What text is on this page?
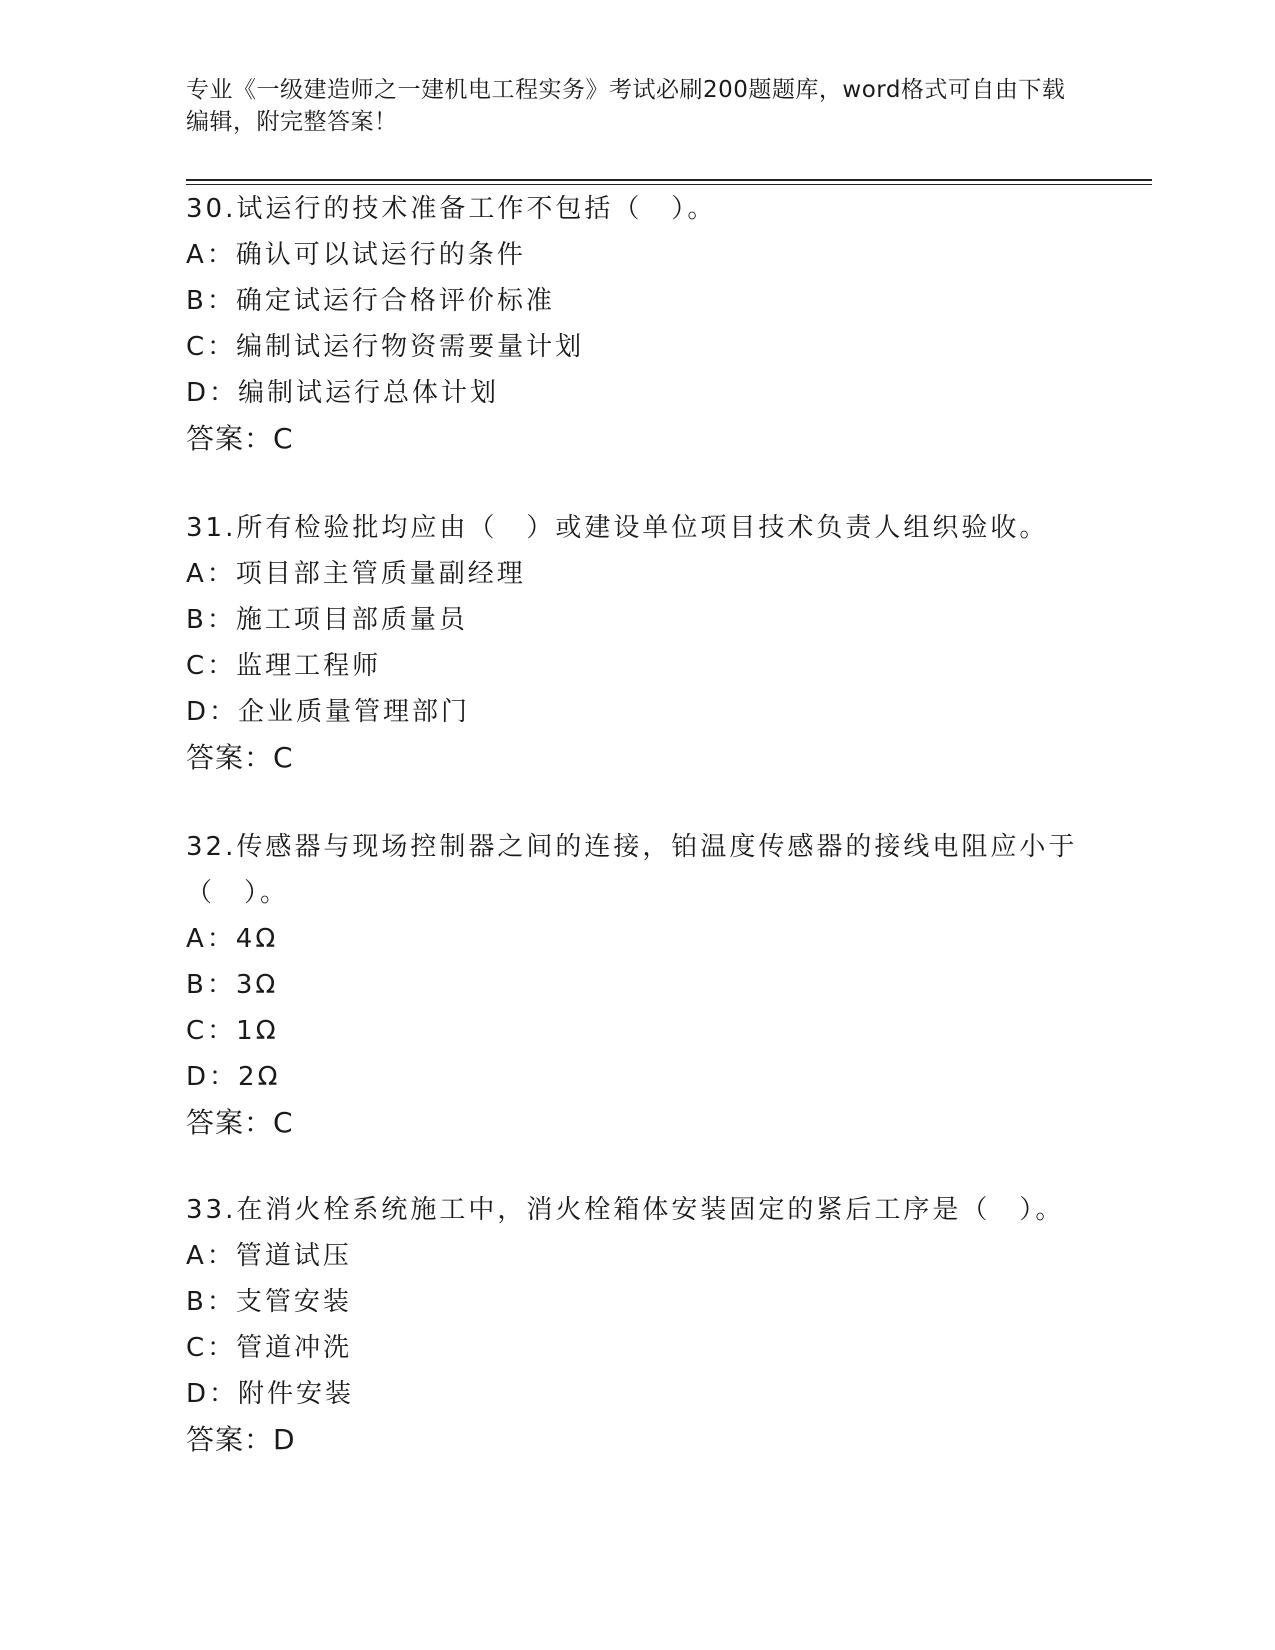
专业《一级建造师之一建机电工程实务》考试必刷200题题库，word格式可自由下载编辑，附完整答案！

30.试运行的技术准备工作不包括（　）。

A：确认可以试运行的条件

B：确定试运行合格评价标准

C：编制试运行物资需要量计划

D：编制试运行总体计划

答案：C

31.所有检验批均应由（　）或建设单位项目技术负责人组织验收。

A：项目部主管质量副经理

B：施工项目部质量员

C：监理工程师

D：企业质量管理部门

答案：C

32.传感器与现场控制器之间的连接，铂温度传感器的接线电阻应小于（　）。

A：4Ω

B：3Ω

C：1Ω

D：2Ω

答案：C

33.在消火栓系统施工中，消火栓箱体安装固定的紧后工序是（　）。

A：管道试压

B：支管安装

C：管道冲洗

D：附件安装

答案：D
